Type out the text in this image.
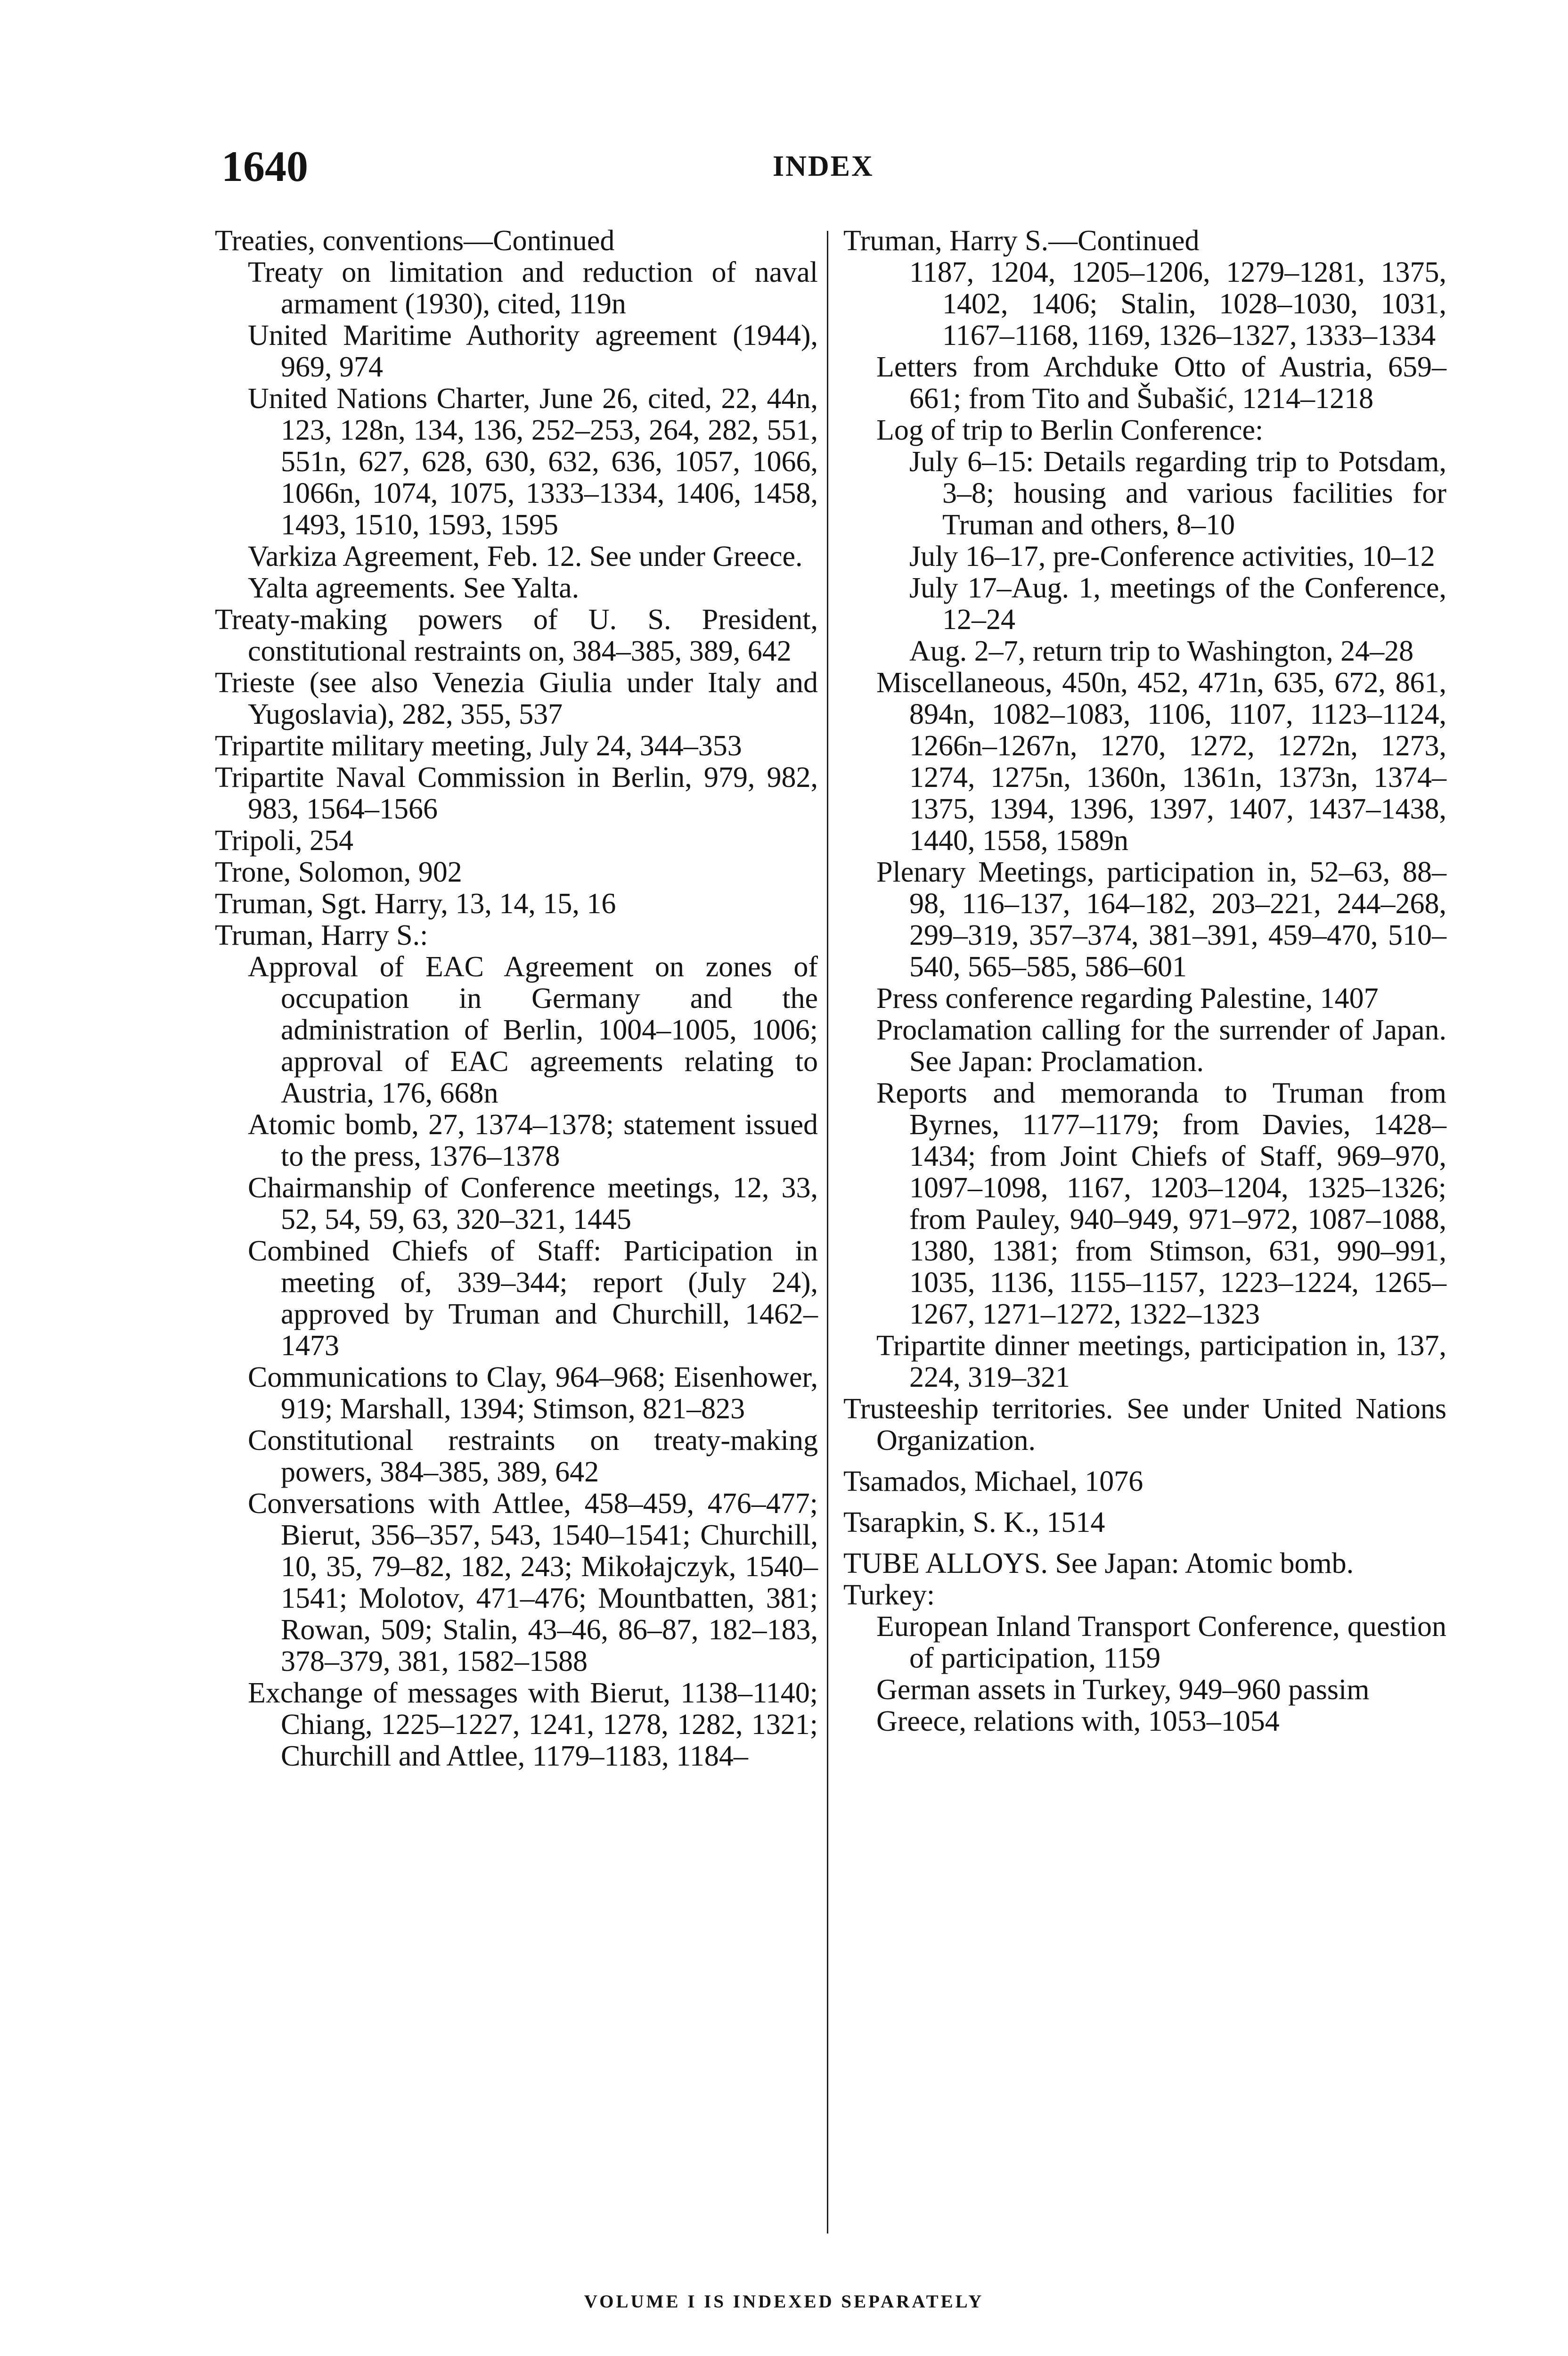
1640	INDEX

Treaties, conventions—Continued

Treaty on limitation and reduction of naval armament (1930), cited, 119n

United Maritime Authority agreement (1944), 969, 974

United Nations Charter, June 26, cited, 22, 44n, 123, 128n, 134, 136, 252–253, 264, 282, 551, 551n, 627, 628, 630, 632, 636, 1057, 1066, 1066n, 1074, 1075, 1333–1334, 1406, 1458, 1493, 1510, 1593, 1595

Varkiza Agreement, Feb. 12. See under Greece.

Yalta agreements. See Yalta.

Treaty-making powers of U. S. President, constitutional restraints on, 384–385, 389, 642

Trieste (see also Venezia Giulia under Italy and Yugoslavia), 282, 355, 537

Tripartite military meeting, July 24, 344–353

Tripartite Naval Commission in Berlin, 979, 982, 983, 1564–1566

Tripoli, 254

Trone, Solomon, 902

Truman, Sgt. Harry, 13, 14, 15, 16

Truman, Harry S.:

Approval of EAC Agreement on zones of occupation in Germany and the administration of Berlin, 1004–1005, 1006; approval of EAC agreements relating to Austria, 176, 668n

Atomic bomb, 27, 1374–1378; statement issued to the press, 1376–1378

Chairmanship of Conference meetings, 12, 33, 52, 54, 59, 63, 320–321, 1445

Combined Chiefs of Staff: Participation in meeting of, 339–344; report (July 24), approved by Truman and Churchill, 1462–1473

Communications to Clay, 964–968; Eisenhower, 919; Marshall, 1394; Stimson, 821–823

Constitutional restraints on treaty-making powers, 384–385, 389, 642

Conversations with Attlee, 458–459, 476–477; Bierut, 356–357, 543, 1540–1541; Churchill, 10, 35, 79–82, 182, 243; Mikołajczyk, 1540–1541; Molotov, 471–476; Mountbatten, 381; Rowan, 509; Stalin, 43–46, 86–87, 182–183, 378–379, 381, 1582–1588

Exchange of messages with Bierut, 1138–1140; Chiang, 1225–1227, 1241, 1278, 1282, 1321; Churchill and Attlee, 1179–1183, 1184–

Truman, Harry S.—Continued

1187, 1204, 1205–1206, 1279–1281, 1375, 1402, 1406; Stalin, 1028–1030, 1031, 1167–1168, 1169, 1326–1327, 1333–1334

Letters from Archduke Otto of Austria, 659–661; from Tito and Šubašić, 1214–1218

Log of trip to Berlin Conference:

July 6–15: Details regarding trip to Potsdam, 3–8; housing and various facilities for Truman and others, 8–10

July 16–17, pre-Conference activities, 10–12

July 17–Aug. 1, meetings of the Conference, 12–24

Aug. 2–7, return trip to Washington, 24–28

Miscellaneous, 450n, 452, 471n, 635, 672, 861, 894n, 1082–1083, 1106, 1107, 1123–1124, 1266n–1267n, 1270, 1272, 1272n, 1273, 1274, 1275n, 1360n, 1361n, 1373n, 1374–1375, 1394, 1396, 1397, 1407, 1437–1438, 1440, 1558, 1589n

Plenary Meetings, participation in, 52–63, 88–98, 116–137, 164–182, 203–221, 244–268, 299–319, 357–374, 381–391, 459–470, 510–540, 565–585, 586–601

Press conference regarding Palestine, 1407

Proclamation calling for the surrender of Japan. See Japan: Proclamation.

Reports and memoranda to Truman from Byrnes, 1177–1179; from Davies, 1428–1434; from Joint Chiefs of Staff, 969–970, 1097–1098, 1167, 1203–1204, 1325–1326; from Pauley, 940–949, 971–972, 1087–1088, 1380, 1381; from Stimson, 631, 990–991, 1035, 1136, 1155–1157, 1223–1224, 1265–1267, 1271–1272, 1322–1323

Tripartite dinner meetings, participation in, 137, 224, 319–321

Trusteeship territories. See under United Nations Organization.

Tsamados, Michael, 1076

Tsarapkin, S. K., 1514

TUBE ALLOYS. See Japan: Atomic bomb.

Turkey:

European Inland Transport Conference, question of participation, 1159

German assets in Turkey, 949–960 passim

Greece, relations with, 1053–1054

VOLUME I IS INDEXED SEPARATELY
